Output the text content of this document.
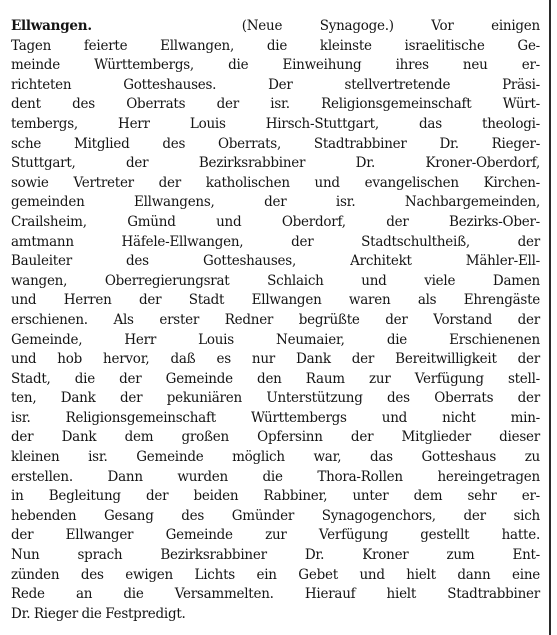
Ellwangen.	(Neue Synagoge.) Vor einigen
Tagen feierte Ellwangen, die kleinste israelitische Ge-
meinde Württembergs, die Einweihung ihres neu er-
richteten Gotteshauses. Der stellvertretende Präsi-
dent des Oberrats der isr. Religionsgemeinschaft Würt-
tembergs, Herr Louis Hirsch-Stuttgart, das theologi-
sche Mitglied des Oberrats, Stadtrabbiner Dr. Rieger-
Stuttgart, der Bezirksrabbiner Dr. Kroner-Oberdorf,
sowie Vertreter der katholischen und evangelischen Kirchen-
gemeinden Ellwangens, der isr. Nachbargemeinden,
Crailsheim, Gmünd und Oberdorf, der Bezirks-Ober-
amtmann Häfele-Ellwangen, der Stadtschultheiß, der
Bauleiter des Gotteshauses, Architekt Mähler-Ell-
wangen, Oberregierungsrat Schlaich und viele Damen
und Herren der Stadt Ellwangen waren als Ehrengäste
erschienen. Als erster Redner begrüßte der Vorstand der
Gemeinde, Herr Louis Neumaier, die Erschienenen
und hob hervor, daß es nur Dank der Bereitwilligkeit der
Stadt, die der Gemeinde den Raum zur Verfügung stell-
ten, Dank der pekuniären Unterstützung des Oberrats der
isr. Religionsgemeinschaft Württembergs und nicht min-
der Dank dem großen Opfersinn der Mitglieder dieser
kleinen isr. Gemeinde möglich war, das Gotteshaus zu
erstellen. Dann wurden die Thora-Rollen hereingetragen
in Begleitung der beiden Rabbiner, unter dem sehr er-
hebenden Gesang des Gmünder Synagogenchors, der sich
der Ellwanger Gemeinde zur Verfügung gestellt hatte.
Nun sprach Bezirksrabbiner Dr. Kroner zum Ent-
zünden des ewigen Lichts ein Gebet und hielt dann eine
Rede an die Versammelten. Hierauf hielt Stadtrabbiner
Dr. Rieger die Festpredigt.
